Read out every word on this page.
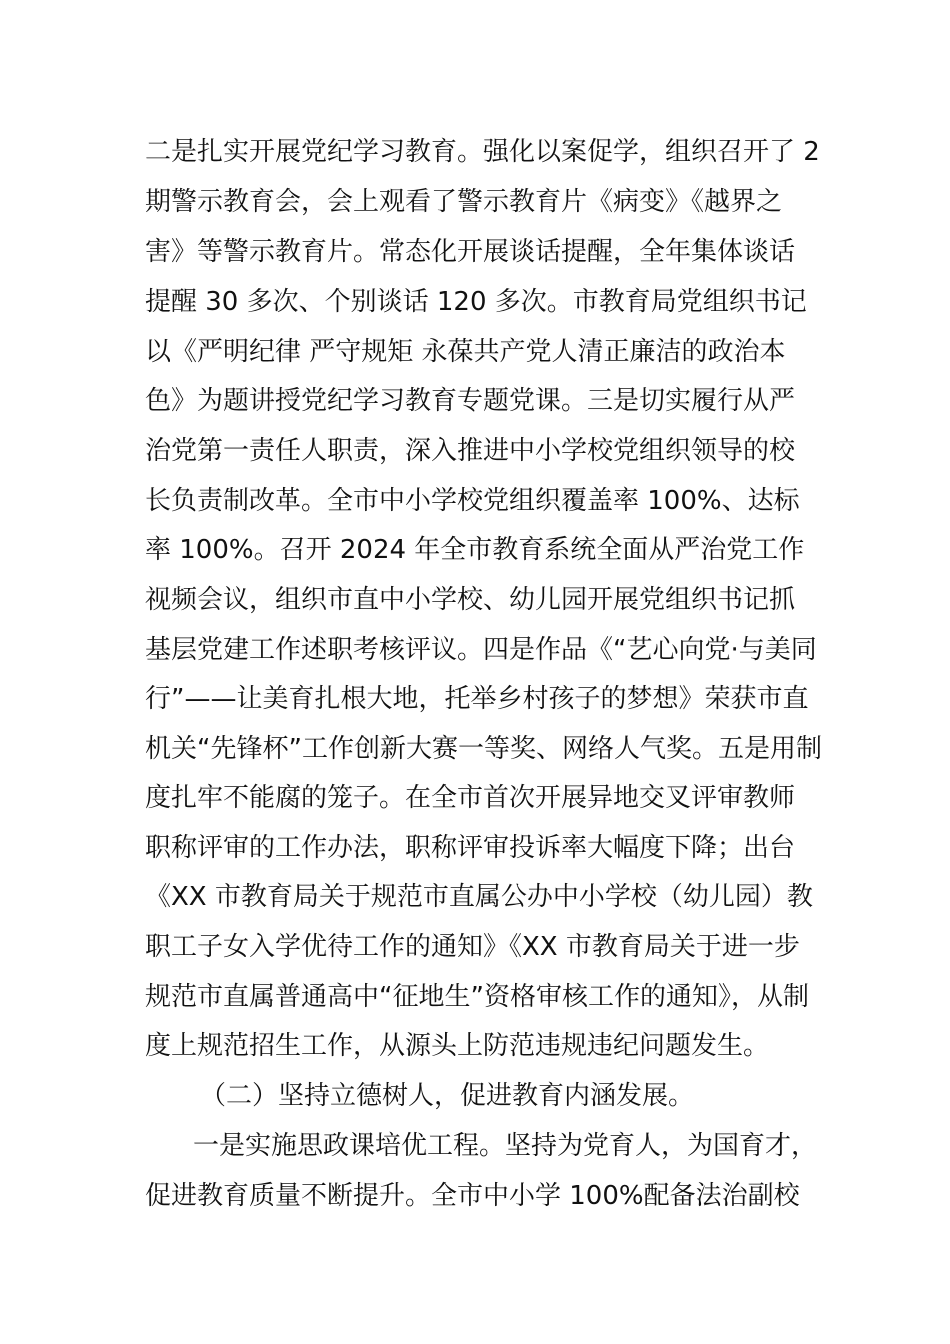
二是扎实开展党纪学习教育。强化以案促学，组织召开了 2
期警示教育会，会上观看了警示教育片《病变》《越界之
害》等警示教育片。常态化开展谈话提醒，全年集体谈话
提醒 30 多次、个别谈话 120 多次。市教育局党组织书记
以《严明纪律 严守规矩 永葆共产党人清正廉洁的政治本
色》为题讲授党纪学习教育专题党课。三是切实履行从严
治党第一责任人职责，深入推进中小学校党组织领导的校
长负责制改革。全市中小学校党组织覆盖率 100%、达标
率 100%。召开 2024 年全市教育系统全面从严治党工作
视频会议，组织市直中小学校、幼儿园开展党组织书记抓
基层党建工作述职考核评议。四是作品《“艺心向党·与美同
行”——让美育扎根大地，托举乡村孩子的梦想》荣获市直
机关“先锋杯”工作创新大赛一等奖、网络人气奖。五是用制
度扎牢不能腐的笼子。在全市首次开展异地交叉评审教师
职称评审的工作办法，职称评审投诉率大幅度下降；出台
《XX 市教育局关于规范市直属公办中小学校（幼儿园）教
职工子女入学优待工作的通知》《XX 市教育局关于进一步
规范市直属普通高中“征地生”资格审核工作的通知》，从制
度上规范招生工作，从源头上防范违规违纪问题发生。
（二）坚持立德树人，促进教育内涵发展。
一是实施思政课培优工程。坚持为党育人，为国育才，
促进教育质量不断提升。全市中小学 100%配备法治副校
